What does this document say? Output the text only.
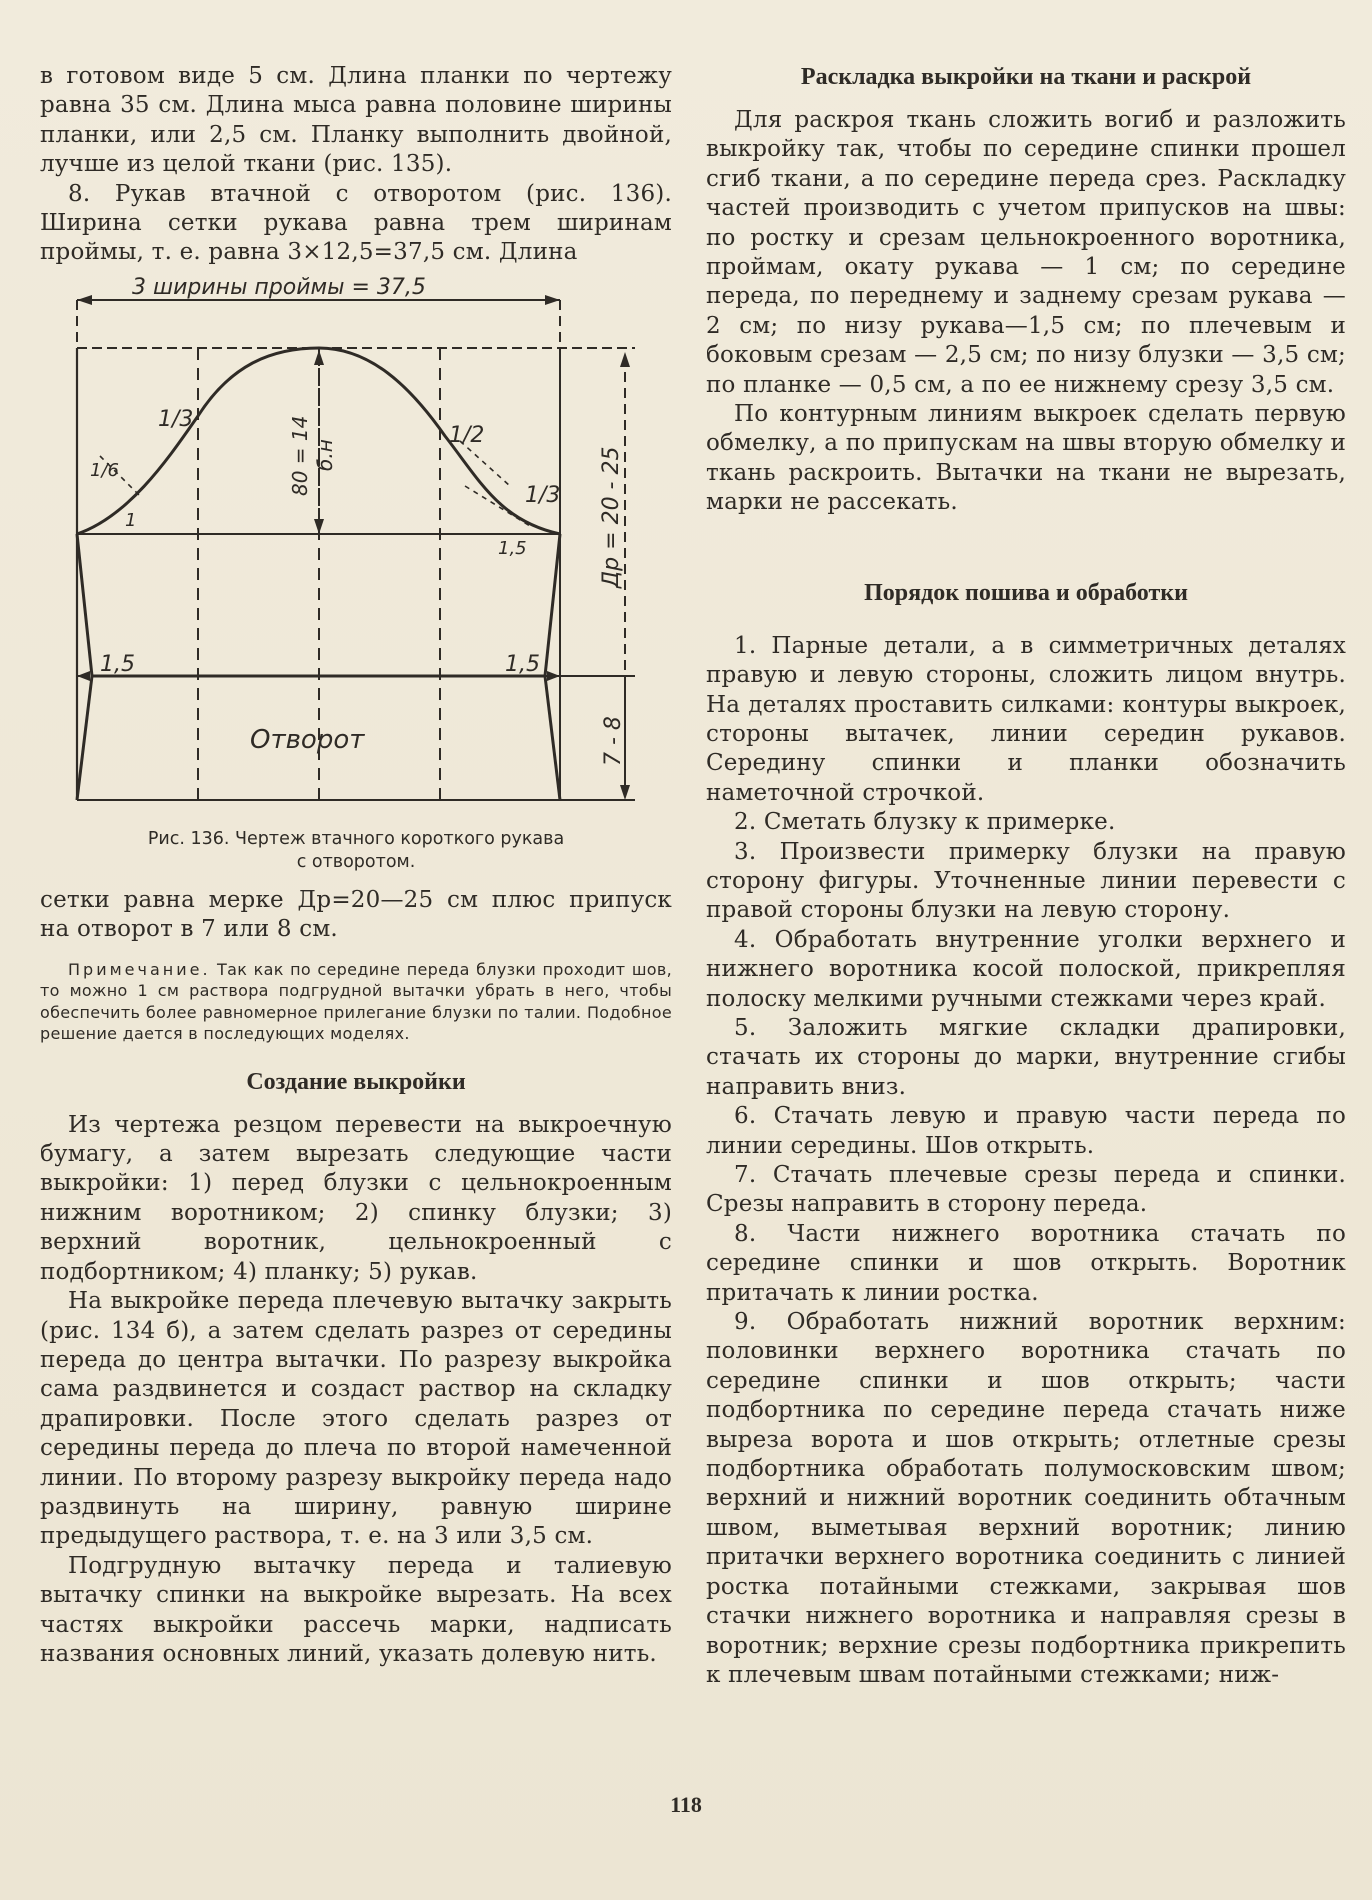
в готовом виде 5 см. Длина планки по чертежу равна 35 см. Длина мыса равна половине ширины планки, или 2,5 см. Планку выполнить двойной, лучше из целой ткани (рис. 135).

8. Рукав втачной с отворотом (рис. 136). Ширина сетки рукава равна трем ширинам проймы, т. е. равна 3×12,5=37,5 см. Длина

3 ширины проймы = 37,5
1/3
1/6
1
1/2
1/3
1,5
1,5	1,5
80 = 14 б.н	Др = 20 - 25
Отворот	7 - 8

Рис. 136. Чертеж втачного короткого рукава

с отворотом.

сетки равна мерке Др=20—25 см плюс припуск на отворот в 7 или 8 см.

Примечание. Так как по середине переда блузки проходит шов, то можно 1 см раствора подгрудной вытачки убрать в него, чтобы обеспечить более равномерное прилегание блузки по талии. Подобное решение дается в последующих моделях.

Создание выкройки

Из чертежа резцом перевести на выкроечную бумагу, а затем вырезать следующие части выкройки: 1) перед блузки с цельнокроенным нижним воротником; 2) спинку блузки; 3) верхний воротник, цельнокроенный с подбортником; 4) планку; 5) рукав.

На выкройке переда плечевую вытачку закрыть (рис. 134 б), а затем сделать разрез от середины переда до центра вытачки. По разрезу выкройка сама раздвинется и создаст раствор на складку драпировки. После этого сделать разрез от середины переда до плеча по второй намеченной линии. По второму разрезу выкройку переда надо раздвинуть на ширину, равную ширине предыдущего раствора, т. е. на 3 или 3,5 см.

Подгрудную вытачку переда и талиевую вытачку спинки на выкройке вырезать. На всех частях выкройки рассечь марки, надписать названия основных линий, указать долевую нить.

Раскладка выкройки на ткани и раскрой

Для раскроя ткань сложить вогиб и разложить выкройку так, чтобы по середине спинки прошел сгиб ткани, а по середине переда срез. Раскладку частей производить с учетом припусков на швы: по ростку и срезам цельнокроенного воротника, проймам, окату рукава — 1 см; по середине переда, по переднему и заднему срезам рукава — 2 см; по низу рукава—1,5 см; по плечевым и боковым срезам — 2,5 см; по низу блузки — 3,5 см; по планке — 0,5 см, а по ее нижнему срезу 3,5 см.

По контурным линиям выкроек сделать первую обмелку, а по припускам на швы вторую обмелку и ткань раскроить. Вытачки на ткани не вырезать, марки не рассекать.

Порядок пошива и обработки

1. Парные детали, а в симметричных деталях правую и левую стороны, сложить лицом внутрь. На деталях проставить силками: контуры выкроек, стороны вытачек, линии середин рукавов. Середину спинки и планки обозначить наметочной строчкой.

2. Сметать блузку к примерке.

3. Произвести примерку блузки на правую сторону фигуры. Уточненные линии перевести с правой стороны блузки на левую сторону.

4. Обработать внутренние уголки верхнего и нижнего воротника косой полоской, прикрепляя полоску мелкими ручными стежками через край.

5. Заложить мягкие складки драпировки, стачать их стороны до марки, внутренние сгибы направить вниз.

6. Стачать левую и правую части переда по линии середины. Шов открыть.

7. Стачать плечевые срезы переда и спинки. Срезы направить в сторону переда.

8. Части нижнего воротника стачать по середине спинки и шов открыть. Воротник притачать к линии ростка.

9. Обработать нижний воротник верхним: половинки верхнего воротника стачать по середине спинки и шов открыть; части подбортника по середине переда стачать ниже выреза ворота и шов открыть; отлетные срезы подбортника обработать полумосковским швом; верхний и нижний воротник соединить обтачным швом, выметывая верхний воротник; линию притачки верхнего воротника соединить с линией ростка потайными стежками, закрывая шов стачки нижнего воротника и направляя срезы в воротник; верхние срезы подбортника прикрепить к плечевым швам потайными стежками; ниж-

118
